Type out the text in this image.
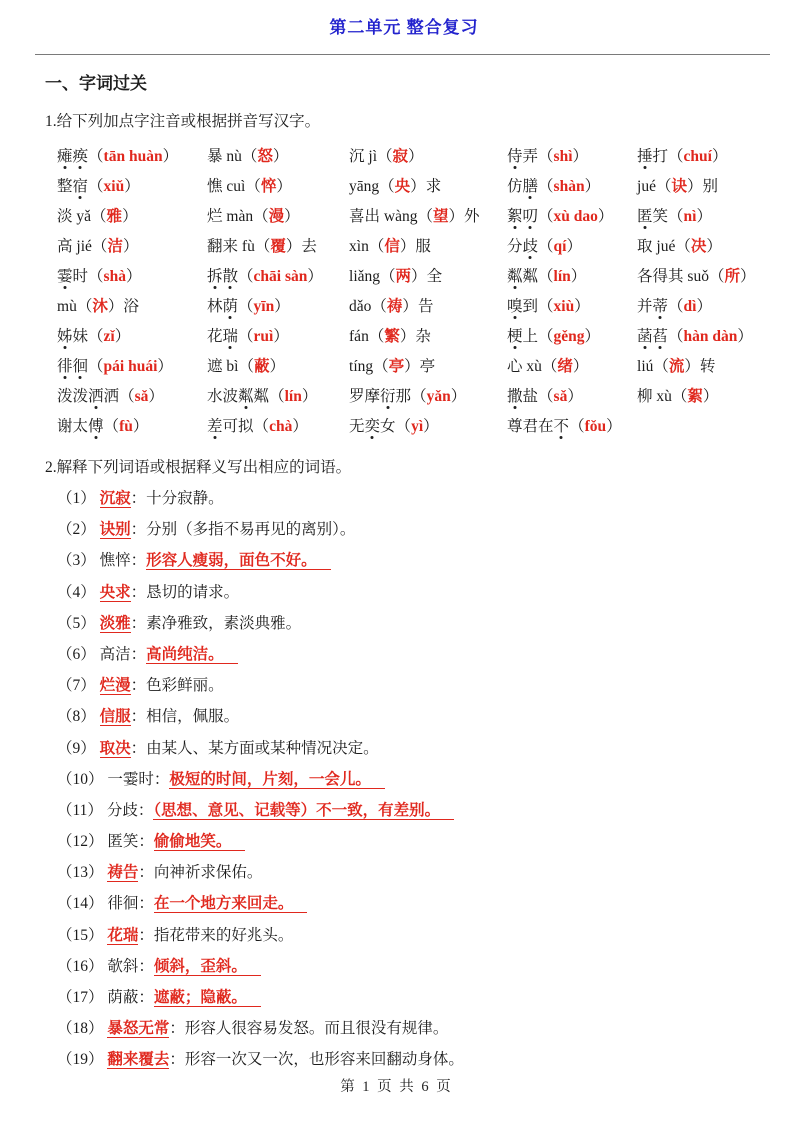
第二单元 整合复习
一、字词过关
1.给下列加点字注音或根据拼音写汉字。
瘫痪（tān huàn）	暴 nù（怒）	沉 jì（寂）	侍弄（shì）	捶打（chuí）
整宿（xiǔ）	憔 cuì（悴）	yāng（央）求	仿膳（shàn）	jué（诀）别
淡 yǎ（雅）	烂 màn（漫）	喜出 wàng（望）外	絮叨（xù dao）	匿笑（nì）
高 jié（洁）	翻来 fù（覆）去	xìn（信）服	分歧（qí）	取 jué（决）
霎时（shà）	拆散（chāi sàn）	liǎng（两）全	粼粼（lín）	各得其 suǒ（所）
mù（沐）浴	林荫（yīn）	dǎo（祷）告	嗅到（xiù）	并蒂（dì）
姊妹（zǐ）	花瑞（ruì）	fán（繁）杂	梗上（gěng）	菡萏（hàn dàn）
徘徊（pái huái）	遮 bì（蔽）	tíng（亭）亭	心 xù（绪）	liú（流）转
泼泼洒洒（sǎ）	水波粼粼（lín）	罗摩衍那（yǎn）	撒盐（sǎ）	柳 xù（絮）
谢太傅（fù）	差可拟（chà）	无奕女（yì）	尊君在不（fǒu）
2.解释下列词语或根据释义写出相应的词语。
（1） 沉寂：十分寂静。
（2） 诀别：分别（多指不易再见的离别）。
（3） 憔悴：形容人瘦弱，面色不好。
（4） 央求：恳切的请求。
（5） 淡雅：素净雅致，素淡典雅。
（6） 高洁：高尚纯洁。
（7） 烂漫：色彩鲜丽。
（8） 信服：相信，佩服。
（9） 取决：由某人、某方面或某种情况决定。
（10） 一霎时：极短的时间，片刻，一会儿。
（11） 分歧：（思想、意见、记载等）不一致，有差别。
（12） 匿笑：偷偷地笑。
（13） 祷告：向神祈求保佑。
（14） 徘徊：在一个地方来回走。
（15） 花瑞：指花带来的好兆头。
（16） 欹斜：倾斜，歪斜。
（17） 荫蔽：遮蔽；隐蔽。
（18） 暴怒无常：形容人很容易发怒。而且很没有规律。
（19） 翻来覆去：形容一次又一次，也形容来回翻动身体。
第 1 页 共 6 页
